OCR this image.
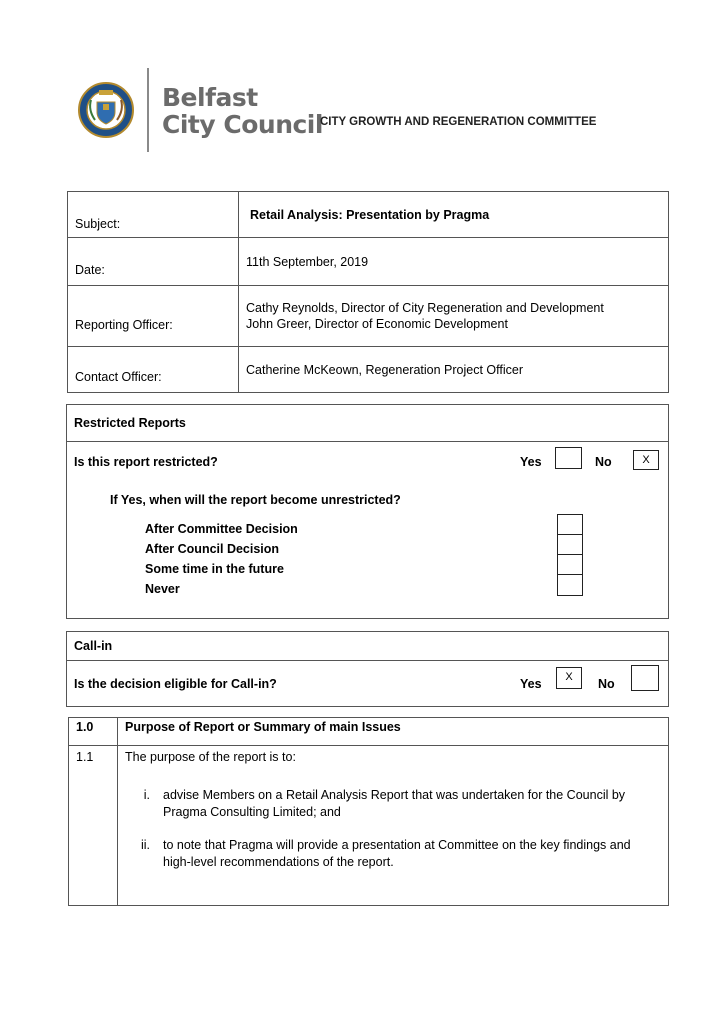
Belfast
City Council
CITY GROWTH AND REGENERATION COMMITTEE
Subject:
Retail Analysis: Presentation by Pragma
Date:
11th September, 2019
Reporting Officer:
Cathy Reynolds, Director of City Regeneration and Development
John Greer, Director of Economic Development
Contact Officer:	Catherine McKeown, Regeneration Project Officer
Restricted Reports
Is this report restricted?	Yes	No	X
If Yes, when will the report become unrestricted?
After Committee Decision
After Council Decision
Some time in the future
Never
Call-in
Is the decision eligible for Call-in?	Yes	X	No
1.0	Purpose of Report or Summary of main Issues
1.1	The purpose of the report is to:
i. advise Members on a Retail Analysis Report that was undertaken for the Council by
Pragma Consulting Limited; and
ii. to note that Pragma will provide a presentation at Committee on the key findings and
high-level recommendations of the report.
